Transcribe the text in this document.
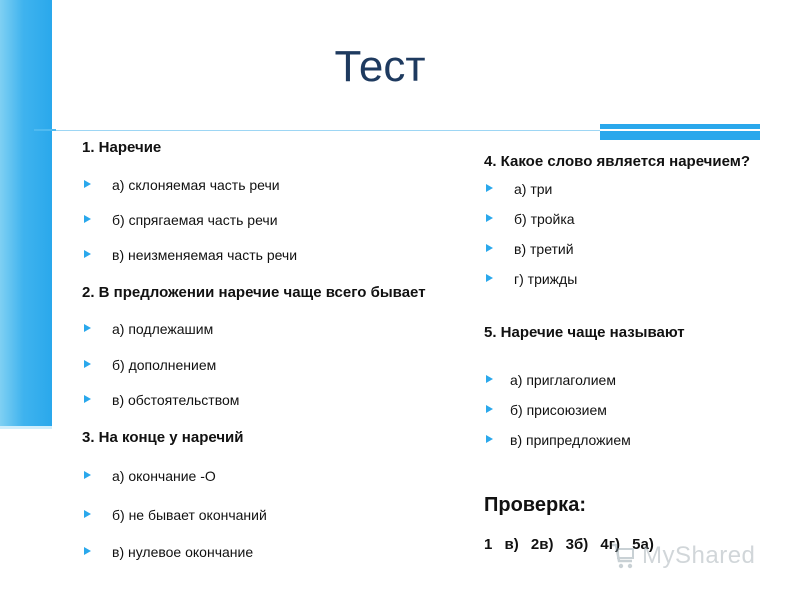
Тест
1. Наречие
а) склоняемая часть речи
б) спрягаемая часть речи
в) неизменяемая часть речи
2. В предложении наречие чаще всего бывает
а) подлежашим
б) дополнением
в) обстоятельством
3. На конце у наречий
а) окончание -О
б) не бывает окончаний
в) нулевое окончание
4. Какое слово является наречием?
а) три
б) тройка
в) третий
г) трижды
5. Наречие чаще называют
а) приглаголием
б) присоюзием
в) припредложием
Проверка:
1 в) 2в) 3б) 4г) 5а)
MyShared
